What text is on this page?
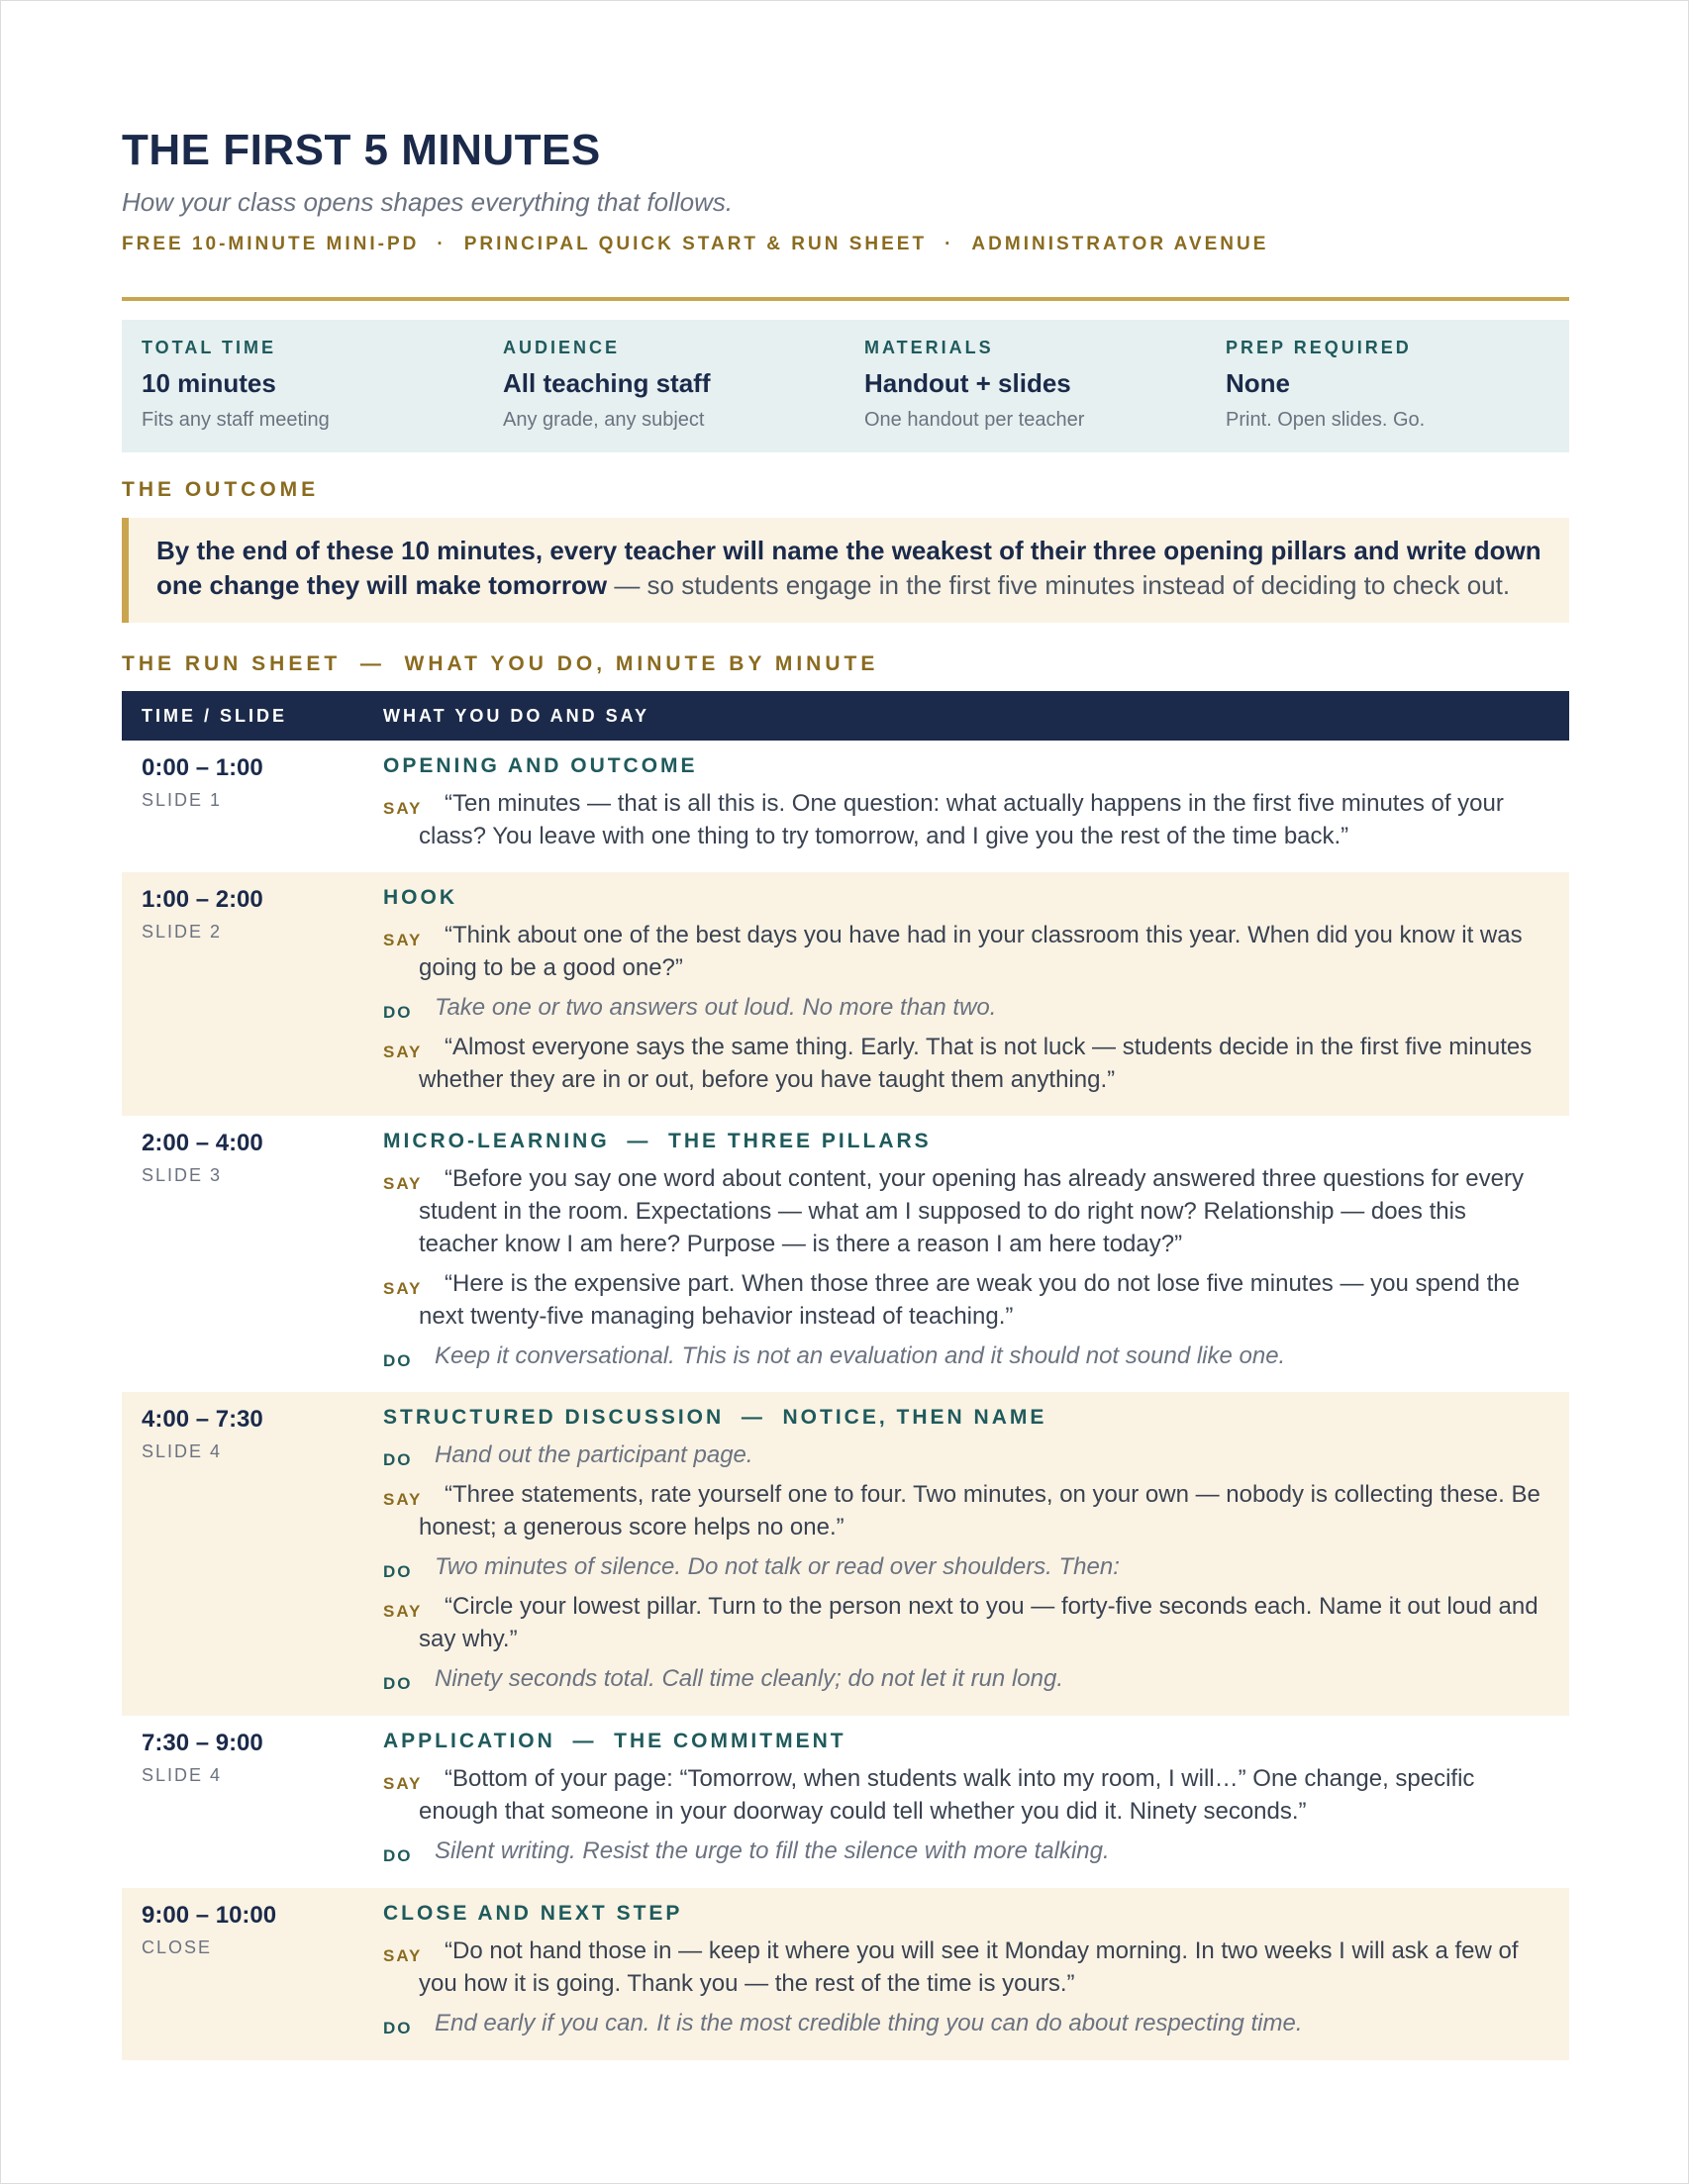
THE FIRST 5 MINUTES
How your class opens shapes everything that follows.
FREE 10-MINUTE MINI-PD · PRINCIPAL QUICK START & RUN SHEET · ADMINISTRATOR AVENUE
TOTAL TIME
10 minutes
Fits any staff meeting
AUDIENCE
All teaching staff
Any grade, any subject
MATERIALS
Handout + slides
One handout per teacher
PREP REQUIRED
None
Print. Open slides. Go.
THE OUTCOME
By the end of these 10 minutes, every teacher will name the weakest of their three opening pillars and write down one change they will make tomorrow — so students engage in the first five minutes instead of deciding to check out.
THE RUN SHEET  —  WHAT YOU DO, MINUTE BY MINUTE
TIME / SLIDE	WHAT YOU DO AND SAY
0:00 – 1:00
SLIDE 1
OPENING AND OUTCOME
SAY “Ten minutes — that is all this is. One question: what actually happens in the first five minutes of your class? You leave with one thing to try tomorrow, and I give you the rest of the time back.”
1:00 – 2:00
SLIDE 2
HOOK
SAY “Think about one of the best days you have had in your classroom this year. When did you know it was going to be a good one?”
DO Take one or two answers out loud. No more than two.
SAY “Almost everyone says the same thing. Early. That is not luck — students decide in the first five minutes whether they are in or out, before you have taught them anything.”
2:00 – 4:00
SLIDE 3
MICRO-LEARNING  —  THE THREE PILLARS
SAY “Before you say one word about content, your opening has already answered three questions for every student in the room. Expectations — what am I supposed to do right now? Relationship — does this teacher know I am here? Purpose — is there a reason I am here today?”
SAY “Here is the expensive part. When those three are weak you do not lose five minutes — you spend the next twenty-five managing behavior instead of teaching.”
DO Keep it conversational. This is not an evaluation and it should not sound like one.
4:00 – 7:30
SLIDE 4
STRUCTURED DISCUSSION  —  NOTICE, THEN NAME
DO Hand out the participant page.
SAY “Three statements, rate yourself one to four. Two minutes, on your own — nobody is collecting these. Be honest; a generous score helps no one.”
DO Two minutes of silence. Do not talk or read over shoulders. Then:
SAY “Circle your lowest pillar. Turn to the person next to you — forty-five seconds each. Name it out loud and say why.”
DO Ninety seconds total. Call time cleanly; do not let it run long.
7:30 – 9:00
SLIDE 4
APPLICATION  —  THE COMMITMENT
SAY “Bottom of your page: “Tomorrow, when students walk into my room, I will…” One change, specific enough that someone in your doorway could tell whether you did it. Ninety seconds.”
DO Silent writing. Resist the urge to fill the silence with more talking.
9:00 – 10:00
CLOSE
CLOSE AND NEXT STEP
SAY “Do not hand those in — keep it where you will see it Monday morning. In two weeks I will ask a few of you how it is going. Thank you — the rest of the time is yours.”
DO End early if you can. It is the most credible thing you can do about respecting time.
